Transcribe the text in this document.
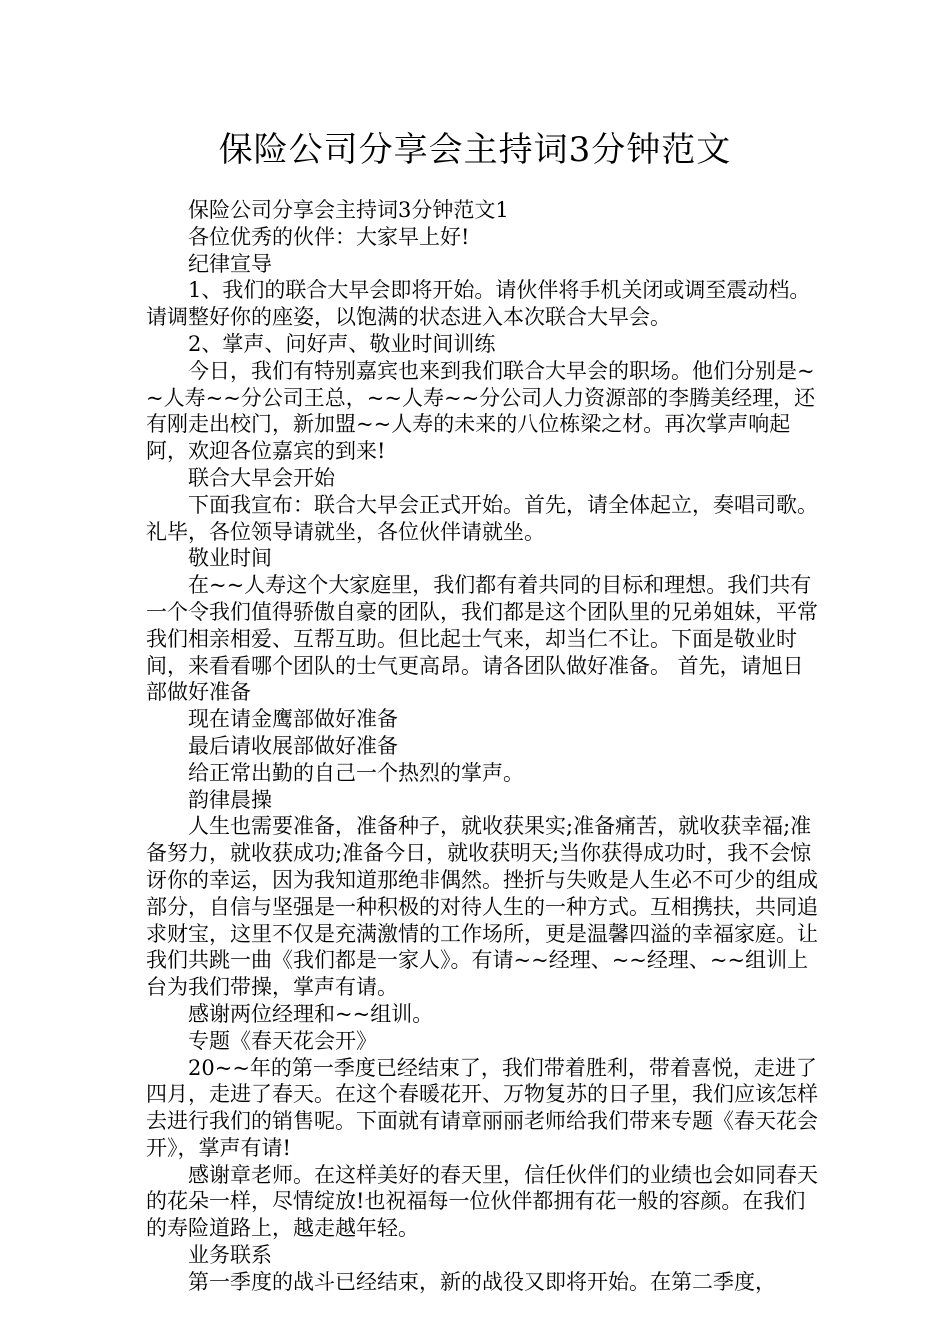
保险公司分享会主持词3分钟范文

保险公司分享会主持词3分钟范文1

各位优秀的伙伴：大家早上好!

纪律宣导

1、我们的联合大早会即将开始。请伙伴将手机关闭或调至震动档。请调整好你的座姿，以饱满的状态进入本次联合大早会。

2、掌声、问好声、敬业时间训练

今日，我们有特别嘉宾也来到我们联合大早会的职场。他们分别是~~人寿~~分公司王总，~~人寿~~分公司人力资源部的李腾美经理，还有刚走出校门，新加盟~~人寿的未来的八位栋梁之材。再次掌声响起阿，欢迎各位嘉宾的到来!

联合大早会开始

下面我宣布：联合大早会正式开始。首先，请全体起立，奏唱司歌。礼毕，各位领导请就坐，各位伙伴请就坐。

敬业时间

在~~人寿这个大家庭里，我们都有着共同的目标和理想。我们共有一个令我们值得骄傲自豪的团队，我们都是这个团队里的兄弟姐妹，平常我们相亲相爱、互帮互助。但比起士气来，却当仁不让。下面是敬业时间，来看看哪个团队的士气更高昂。请各团队做好准备。 首先，请旭日部做好准备

现在请金鹰部做好准备

最后请收展部做好准备

给正常出勤的自己一个热烈的掌声。

韵律晨操

人生也需要准备，准备种子，就收获果实;准备痛苦，就收获幸福;准备努力，就收获成功;准备今日，就收获明天;当你获得成功时，我不会惊讶你的幸运，因为我知道那绝非偶然。挫折与失败是人生必不可少的组成部分，自信与坚强是一种积极的对待人生的一种方式。互相携扶，共同追求财宝，这里不仅是充满激情的工作场所，更是温馨四溢的幸福家庭。让我们共跳一曲《我们都是一家人》。有请~~经理、~~经理、~~组训上台为我们带操，掌声有请。

感谢两位经理和~~组训。

专题《春天花会开》

20~~年的第一季度已经结束了，我们带着胜利，带着喜悦，走进了四月，走进了春天。在这个春暖花开、万物复苏的日子里，我们应该怎样去进行我们的销售呢。下面就有请章丽丽老师给我们带来专题《春天花会开》，掌声有请!

感谢章老师。在这样美好的春天里，信任伙伴们的业绩也会如同春天的花朵一样，尽情绽放!也祝福每一位伙伴都拥有花一般的容颜。在我们的寿险道路上，越走越年轻。

业务联系

第一季度的战斗已经结束，新的战役又即将开始。在第二季度，
